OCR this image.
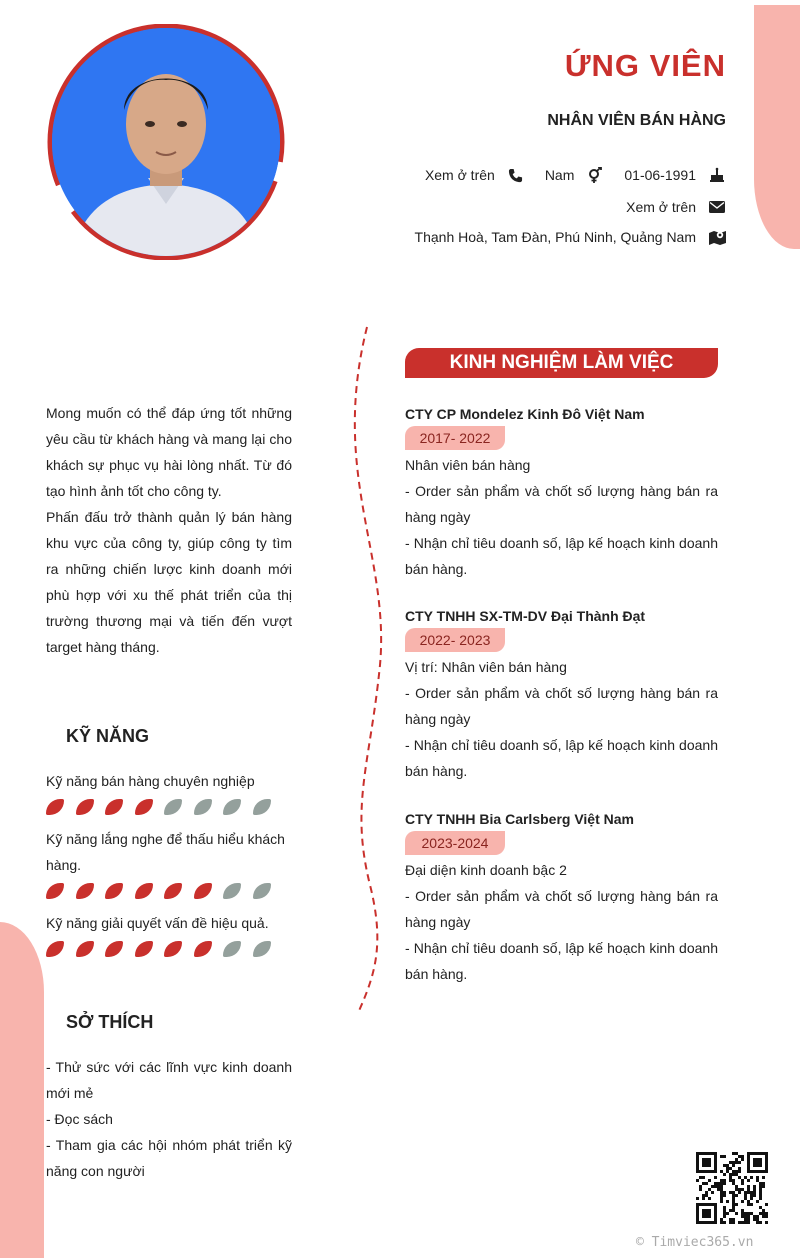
ỨNG VIÊN
NHÂN VIÊN BÁN HÀNG
Xem ở trên	Nam	01-06-1991
Xem ở trên
Thạnh Hoà, Tam Đàn, Phú Ninh, Quảng Nam

Mong muốn có thể đáp ứng tốt những yêu cầu từ khách hàng và mang lại cho khách sự phục vụ hài lòng nhất. Từ đó tạo hình ảnh tốt cho công ty.

Phấn đấu trở thành quản lý bán hàng khu vực của công ty, giúp công ty tìm ra những chiến lược kinh doanh mới phù hợp với xu thế phát triển của thị trường thương mại và tiến đến vượt target hàng tháng.

KỸ NĂNG
Kỹ năng bán hàng chuyên nghiệp
Kỹ năng lắng nghe để thấu hiểu khách hàng.
Kỹ năng giải quyết vấn đề hiệu quả.
SỞ THÍCH

- Thử sức với các lĩnh vực kinh doanh mới mẻ

- Đọc sách

- Tham gia các hội nhóm phát triển kỹ năng con người

KINH NGHIỆM LÀM VIỆC
CTY CP Mondelez Kinh Đô Việt Nam
2017- 2022
Nhân viên bán hàng
- Order sản phẩm và chốt số lượng hàng bán ra hàng ngày
- Nhận chỉ tiêu doanh số, lập kế hoạch kinh doanh bán hàng.
CTY TNHH SX-TM-DV Đại Thành Đạt
2022- 2023
Vị trí: Nhân viên bán hàng
- Order sản phẩm và chốt số lượng hàng bán ra hàng ngày
- Nhận chỉ tiêu doanh số, lập kế hoạch kinh doanh bán hàng.
CTY TNHH Bia Carlsberg Việt Nam
2023-2024
Đại diện kinh doanh bậc 2
- Order sản phẩm và chốt số lượng hàng bán ra hàng ngày
- Nhận chỉ tiêu doanh số, lập kế hoạch kinh doanh bán hàng.
© Timviec365.vn
